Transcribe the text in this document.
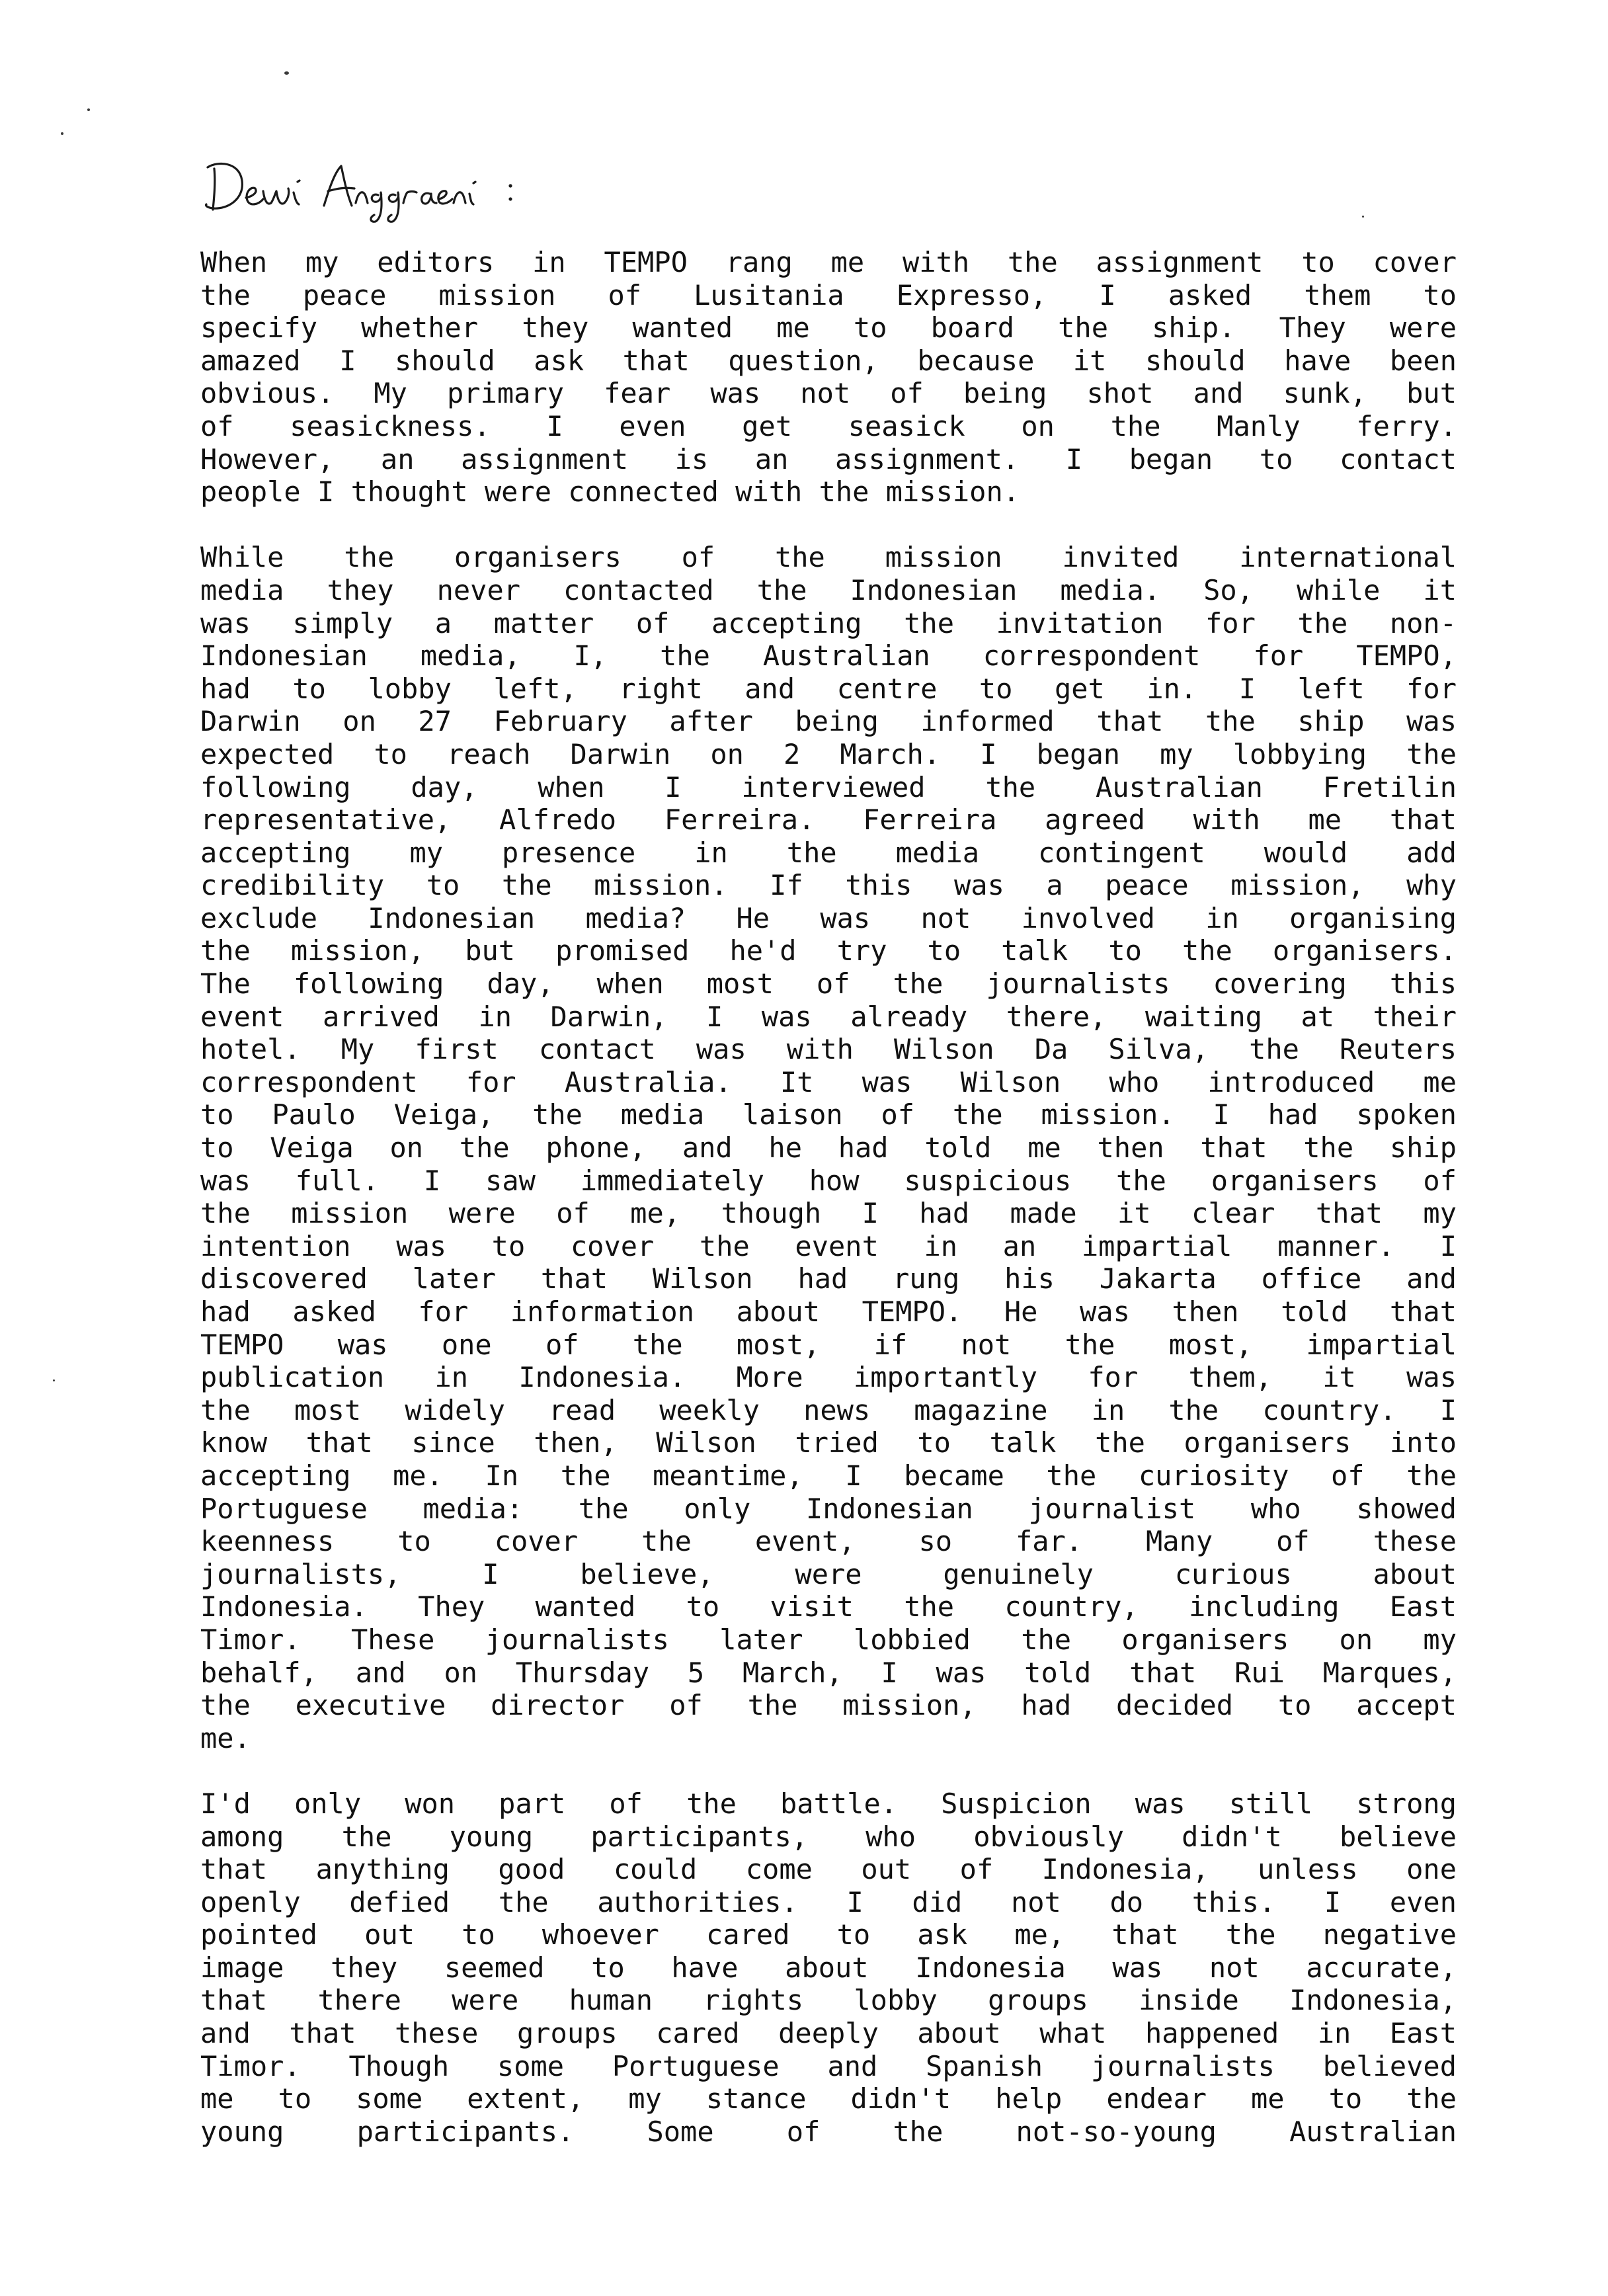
When my editors in TEMPO rang me with the assignment to cover
the peace mission of Lusitania Expresso, I asked them to
specify whether they wanted me to board the ship. They were
amazed I should ask that question, because it should have been
obvious. My primary fear was not of being shot and sunk, but
of seasickness. I even get seasick on the Manly ferry.
However, an assignment is an assignment. I began to contact
people I thought were connected with the mission.
While the organisers of the mission invited international
media they never contacted the Indonesian media. So, while it
was simply a matter of accepting the invitation for the non-
Indonesian media, I, the Australian correspondent for TEMPO,
had to lobby left, right and centre to get in. I left for
Darwin on 27 February after being informed that the ship was
expected to reach Darwin on 2 March. I began my lobbying the
following day, when I interviewed the Australian Fretilin
representative, Alfredo Ferreira. Ferreira agreed with me that
accepting my presence in the media contingent would add
credibility to the mission. If this was a peace mission, why
exclude Indonesian media? He was not involved in organising
the mission, but promised he'd try to talk to the organisers.
The following day, when most of the journalists covering this
event arrived in Darwin, I was already there, waiting at their
hotel. My first contact was with Wilson Da Silva, the Reuters
correspondent for Australia. It was Wilson who introduced me
to Paulo Veiga, the media laison of the mission. I had spoken
to Veiga on the phone, and he had told me then that the ship
was full. I saw immediately how suspicious the organisers of
the mission were of me, though I had made it clear that my
intention was to cover the event in an impartial manner. I
discovered later that Wilson had rung his Jakarta office and
had asked for information about TEMPO. He was then told that
TEMPO was one of the most, if not the most, impartial
publication in Indonesia. More importantly for them, it was
the most widely read weekly news magazine in the country. I
know that since then, Wilson tried to talk the organisers into
accepting me. In the meantime, I became the curiosity of the
Portuguese media: the only Indonesian journalist who showed
keenness to cover the event, so far. Many of these
journalists, I believe, were genuinely curious about
Indonesia. They wanted to visit the country, including East
Timor. These journalists later lobbied the organisers on my
behalf, and on Thursday 5 March, I was told that Rui Marques,
the executive director of the mission, had decided to accept
me.
I'd only won part of the battle. Suspicion was still strong
among the young participants, who obviously didn't believe
that anything good could come out of Indonesia, unless one
openly defied the authorities. I did not do this. I even
pointed out to whoever cared to ask me, that the negative
image they seemed to have about Indonesia was not accurate,
that there were human rights lobby groups inside Indonesia,
and that these groups cared deeply about what happened in East
Timor. Though some Portuguese and Spanish journalists believed
me to some extent, my stance didn't help endear me to the
young participants. Some of the not-so-young Australian
